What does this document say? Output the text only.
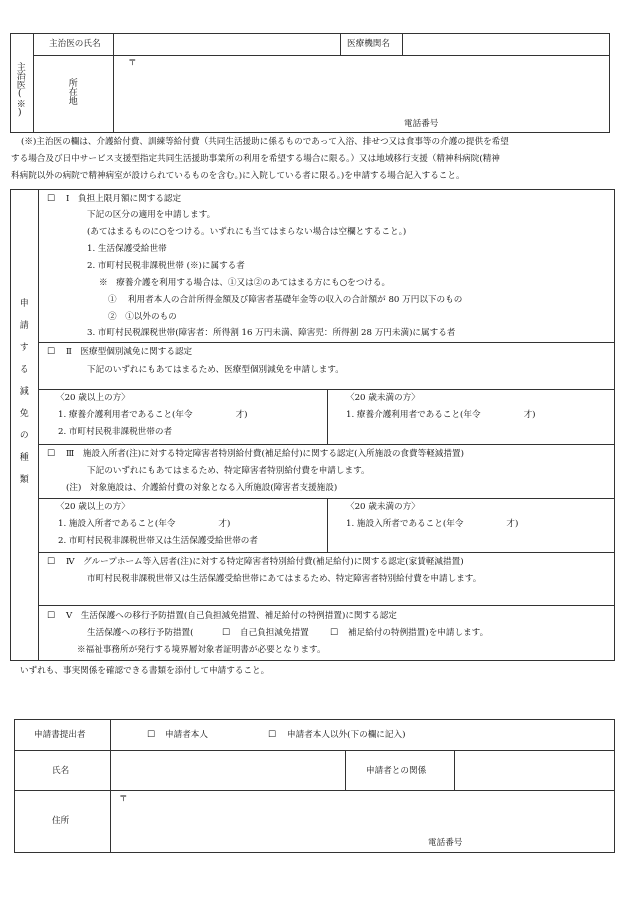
主治医(※)
主治医の氏名	医療機関名
所在地
〒
電話番号
(※)主治医の欄は、介護給付費、訓練等給付費（共同生活援助に係るものであって入浴、排せつ又は食事等の介護の提供を希望
する場合及び日中サービス支援型指定共同生活援助事業所の利用を希望する場合に限る。）又は地域移行支援（精神科病院(精神
科病院以外の病院で精神病室が設けられているものを含む。)に入院している者に限る。)を申請する場合記入すること。
申請する減免の種類
□ Ⅰ　負担上限月額に関する認定
下記の区分の適用を申請します。
(あてはまるものに○をつける。いずれにも当てはまらない場合は空欄とすること。)
1. 生活保護受給世帯
2. 市町村民税非課税世帯 (※)に属する者
※　療養介護を利用する場合は、①又は②のあてはまる方にも○をつける。
①　 利用者本人の合計所得金額及び障害者基礎年金等の収入の合計額が 80 万円以下のもの
②　①以外のもの
3. 市町村民税課税世帯(障害者：所得割 16 万円未満、障害児：所得割 28 万円未満)に属する者
□ Ⅱ　医療型個別減免に関する認定
下記のいずれにもあてはまるため、医療型個別減免を申請します。
〈20 歳以上の方〉
1. 療養介護利用者であること(年令　　　　　才)
2. 市町村民税非課税世帯の者
〈20 歳未満の方〉
1. 療養介護利用者であること(年令　　　　　才)
□ Ⅲ　施設入所者(注)に対する特定障害者特別給付費(補足給付)に関する認定(入所施設の食費等軽減措置)
下記のいずれにもあてはまるため、特定障害者特別給付費を申請します。
(注)　対象施設は、介護給付費の対象となる入所施設(障害者支援施設)
〈20 歳以上の方〉
1. 施設入所者であること(年令　　　　　才)
2. 市町村民税非課税世帯又は生活保護受給世帯の者
〈20 歳未満の方〉
1. 施設入所者であること(年令　　　　　才)
□ Ⅳ　グループホーム等入居者(注)に対する特定障害者特別給付費(補足給付)に関する認定(家賃軽減措置)
市町村民税非課税世帯又は生活保護受給世帯にあてはまるため、特定障害者特別給付費を申請します。
□ Ⅴ　生活保護への移行予防措置(自己負担減免措置、補足給付の特例措置)に関する認定
生活保護への移行予防措置(	□ 自己負担減免措置 □ 補足給付の特例措置)を申請します。
※福祉事務所が発行する境界層対象者証明書が必要となります。
いずれも、事実関係を確認できる書類を添付して申請すること。
申請書提出者	□ 申請者本人	□ 申請者本人以外(下の欄に記入)
氏名	申請者との関係
住所
〒
電話番号
